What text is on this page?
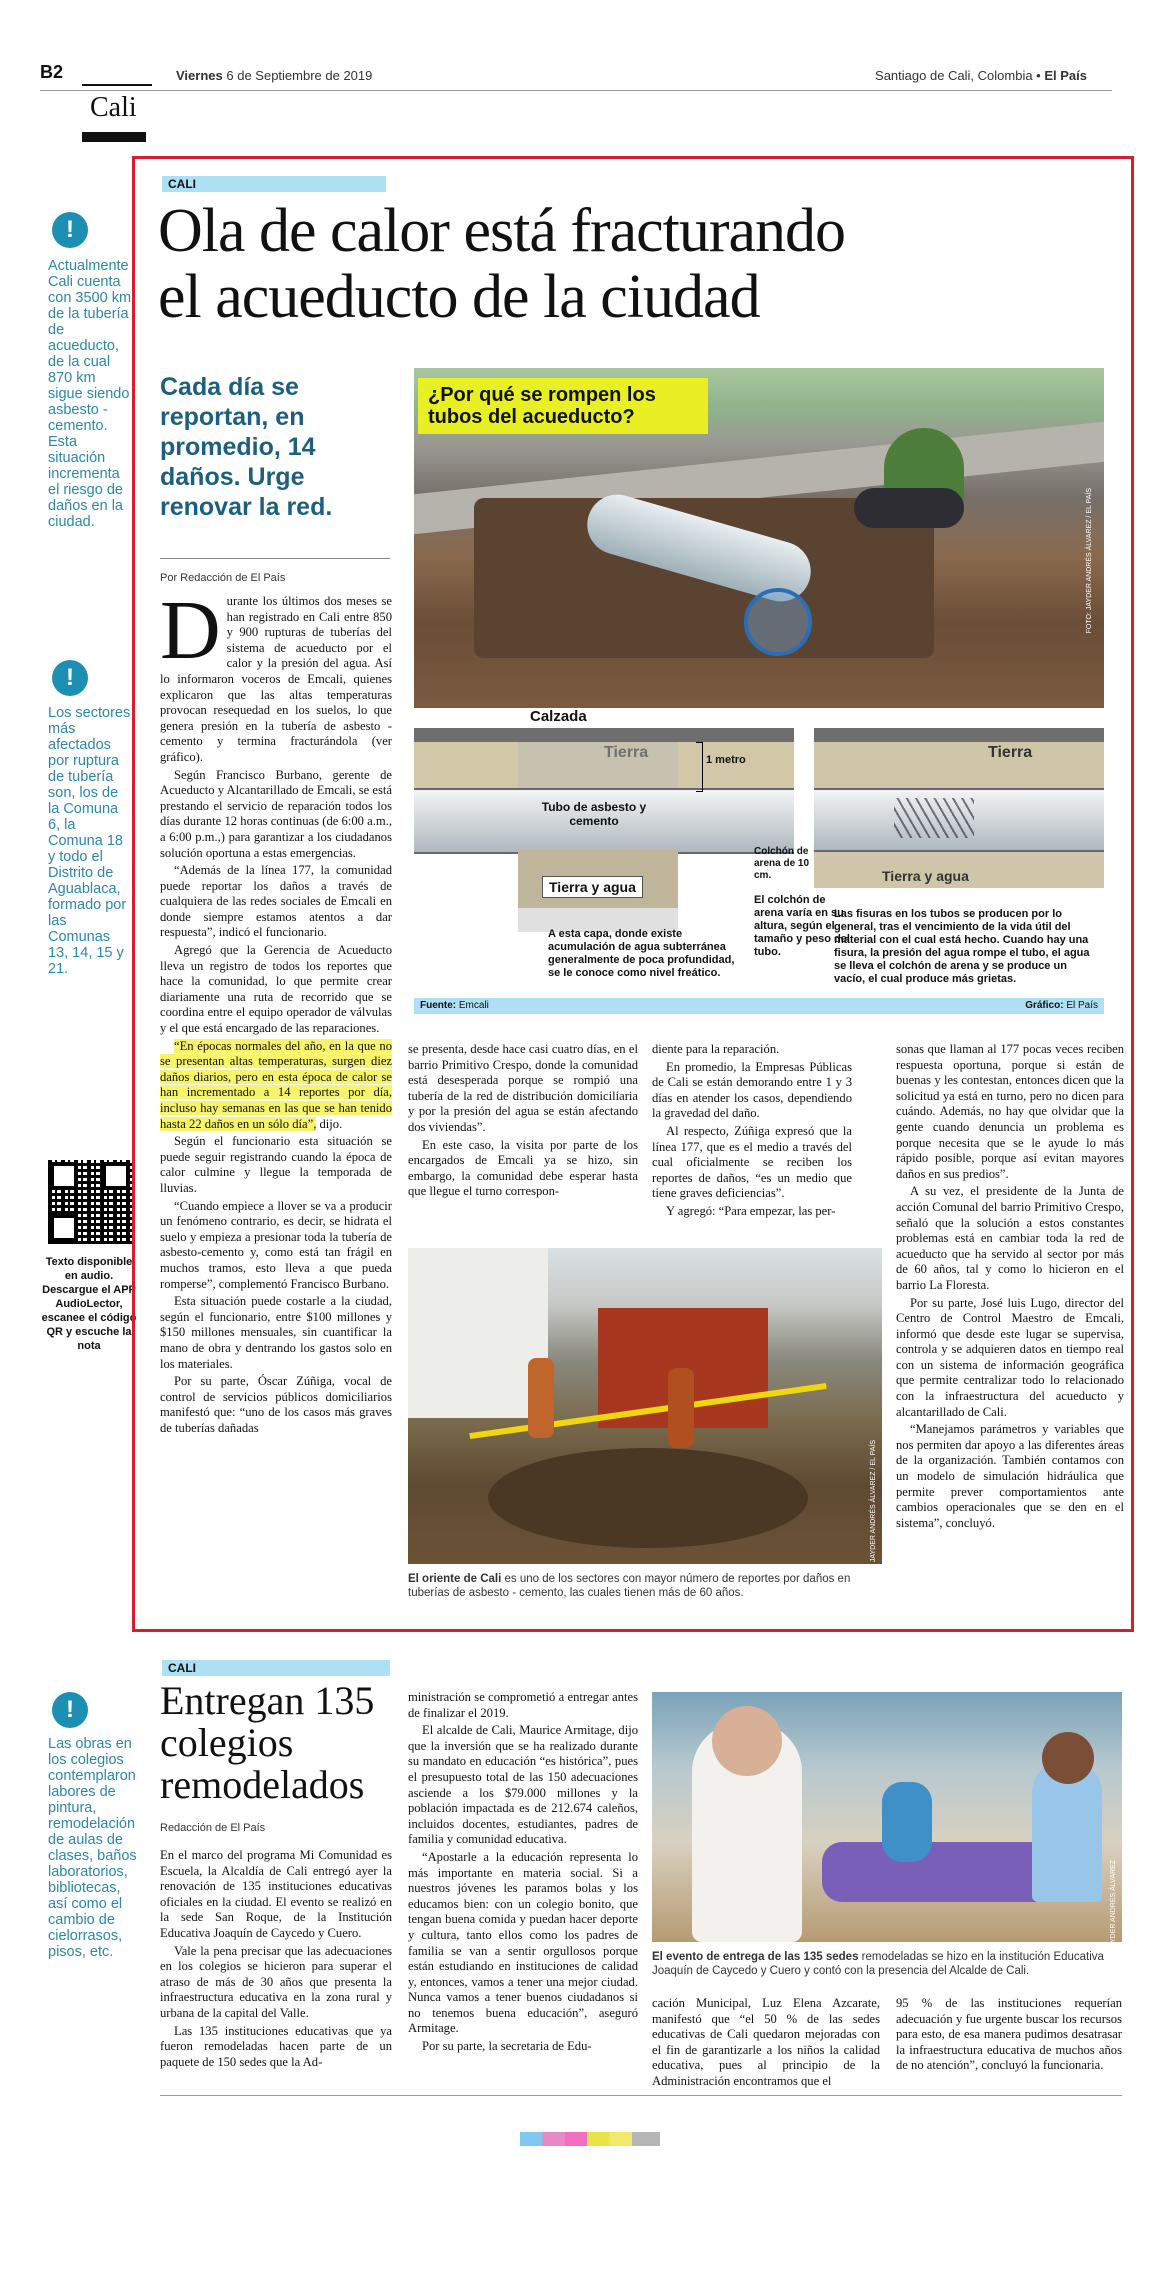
B2
Cali
Viernes 6 de Septiembre de 2019	Santiago de Cali, Colombia • El País
!
Actualmente Cali cuenta con 3500 km de la tubería de acueducto, de la cual 870 km sigue siendo asbesto - cemento. Esta situación incrementa el riesgo de daños en la ciudad.
!
Los sectores más afectados por ruptura de tubería son, los de la Comuna 6, la Comuna 18 y todo el Distrito de Aguablaca, formado por las Comunas 13, 14, 15 y 21.
Texto disponible en audio. Descargue el APP AudioLector, escanee el código QR y escuche la nota
!
Las obras en los colegios contemplaron labores de pintura, remodelación de aulas de clases, baños laboratorios, bibliotecas, así como el cambio de cielorrasos, pisos, etc.
CALI
Ola de calor está fracturando
el acueducto de la ciudad
Cada día se reportan, en promedio, 14 daños. Urge renovar la red.
Por Redacción de El País

Durante los últimos dos meses se han registrado en Cali entre 850 y 900 rupturas de tuberías del sistema de acueducto por el calor y la presión del agua. Así lo informaron voceros de Emcali, quienes explicaron que las altas temperaturas provocan resequedad en los suelos, lo que genera presión en la tubería de asbesto - cemento y termina fracturándola (ver gráfico).

Según Francisco Burbano, gerente de Acueducto y Alcantarillado de Emcali, se está prestando el servicio de reparación todos los días durante 12 horas continuas (de 6:00 a.m., a 6:00 p.m.,) para garantizar a los ciudadanos solución oportuna a estas emergencias.

“Además de la línea 177, la comunidad puede reportar los daños a través de cualquiera de las redes sociales de Emcali en donde siempre estamos atentos a dar respuesta”, indicó el funcionario.

Agregó que la Gerencia de Acueducto lleva un registro de todos los reportes que hace la comunidad, lo que permite crear diariamente una ruta de recorrido que se coordina entre el equipo operador de válvulas y el que está encargado de las reparaciones.

“En épocas normales del año, en la que no se presentan altas temperaturas, surgen diez daños diarios, pero en esta época de calor se han incrementado a 14 reportes por día, incluso hay semanas en las que se han tenido hasta 22 daños en un sólo día”, dijo.

Según el funcionario esta situación se puede seguir registrando cuando la época de calor culmine y llegue la temporada de lluvias.

“Cuando empiece a llover se va a producir un fenómeno contrario, es decir, se hidrata el suelo y empieza a presionar toda la tubería de asbesto-cemento y, como está tan frágil en muchos tramos, esto lleva a que pueda romperse”, complementó Francisco Burbano.

Esta situación puede costarle a la ciudad, según el funcionario, entre $100 millones y $150 millones mensuales, sin cuantificar la mano de obra y dentrando los gastos solo en los materiales.

Por su parte, Óscar Zúñiga, vocal de control de servicios públicos domiciliarios manifestó que: “uno de los casos más graves de tuberías dañadas

¿Por qué se rompen los tubos del acueducto?
FOTO: JAYDER ANDRÉS ÁLVAREZ / EL PAÍS
Calzada
Tierra
Tubo de asbesto y cemento
Tierra y agua
1 metro
Colchón de arena de 10 cm.
A esta capa, donde existe acumulación de agua subterránea generalmente de poca profundidad, se le conoce como nivel freático.
El colchón de arena varía en su altura, según el tamaño y peso del tubo.
Tierra
Tierra y agua
Las fisuras en los tubos se producen por lo general, tras el vencimiento de la vida útil del material con el cual está hecho. Cuando hay una fisura, la presión del agua rompe el tubo, el agua se lleva el colchón de arena y se produce un vacío, el cual produce más grietas.
Fuente: Emcali	Gráfico: El País

se presenta, desde hace casi cuatro días, en el barrio Primitivo Crespo, donde la comunidad está desesperada porque se rompió una tubería de la red de distribución domiciliaria y por la presión del agua se están afectando dos viviendas”.

En este caso, la visita por parte de los encargados de Emcali ya se hizo, sin embargo, la comunidad debe esperar hasta que llegue el turno correspon-

diente para la reparación.

En promedio, la Empresas Públicas de Cali se están demorando entre 1 y 3 días en atender los casos, dependiendo la gravedad del daño.

Al respecto, Zúñiga expresó que la línea 177, que es el medio a través del cual oficialmente se reciben los reportes de daños, “es un medio que tiene graves deficiencias”.

Y agregó: “Para empezar, las per-

FOTO: JAYDER ANDRÉS ÁLVAREZ / EL PAÍS
El oriente de Cali es uno de los sectores con mayor número de reportes por daños en tuberías de asbesto - cemento, las cuales tienen más de 60 años.

sonas que llaman al 177 pocas veces reciben respuesta oportuna, porque si están de buenas y les contestan, entonces dicen que la solicitud ya está en turno, pero no dicen para cuándo. Además, no hay que olvidar que la gente cuando denuncia un problema es porque necesita que se le ayude lo más rápido posible, porque así evitan mayores daños en sus predios”.

A su vez, el presidente de la Junta de acción Comunal del barrio Primitivo Crespo, señaló que la solución a estos constantes problemas está en cambiar toda la red de acueducto que ha servido al sector por más de 60 años, tal y como lo hicieron en el barrio La Floresta.

Por su parte, José luis Lugo, director del Centro de Control Maestro de Emcali, informó que desde este lugar se supervisa, controla y se adquieren datos en tiempo real con un sistema de información geográfica que permite centralizar todo lo relacionado con la infraestructura del acueducto y alcantarillado de Cali.

“Manejamos parámetros y variables que nos permiten dar apoyo a las diferentes áreas de la organización. También contamos con un modelo de simulación hidráulica que permite prever comportamientos ante cambios operacionales que se den en el sistema”, concluyó.

CALI
Entregan 135 colegios remodelados
Redacción de El País

En el marco del programa Mi Comunidad es Escuela, la Alcaldía de Cali entregó ayer la renovación de 135 instituciones educativas oficiales en la ciudad. El evento se realizó en la sede San Roque, de la Institución Educativa Joaquín de Caycedo y Cuero.

Vale la pena precisar que las adecuaciones en los colegios se hicieron para superar el atraso de más de 30 años que presenta la infraestructura educativa en la zona rural y urbana de la capital del Valle.

Las 135 instituciones educativas que ya fueron remodeladas hacen parte de un paquete de 150 sedes que la Ad-

ministración se comprometió a entregar antes de finalizar el 2019.

El alcalde de Cali, Maurice Armitage, dijo que la inversión que se ha realizado durante su mandato en educación “es histórica”, pues el presupuesto total de las 150 adecuaciones asciende a los $79.000 millones y la población impactada es de 212.674 caleños, incluidos docentes, estudiantes, padres de familia y comunidad educativa.

“Apostarle a la educación representa lo más importante en materia social. Si a nuestros jóvenes les paramos bolas y los educamos bien: con un colegio bonito, que tengan buena comida y puedan hacer deporte y cultura, tanto ellos como los padres de familia se van a sentir orgullosos porque están estudiando en instituciones de calidad y, entonces, vamos a tener una mejor ciudad. Nunca vamos a tener buenos ciudadanos si no tenemos buena educación”, aseguró Armitage.

Por su parte, la secretaria de Edu-

FOTO: JAYDER ANDRÉS ÁLVAREZ
El evento de entrega de las 135 sedes remodeladas se hizo en la institución Educativa Joaquín de Caycedo y Cuero y contó con la presencia del Alcalde de Cali.

cación Municipal, Luz Elena Azcarate, manifestó que “el 50 % de las sedes educativas de Cali quedaron mejoradas con el fin de garantizarle a los niños la calidad educativa, pues al principio de la Administración encontramos que el

95 % de las instituciones requerían adecuación y fue urgente buscar los recursos para esto, de esa manera pudimos desatrasar la infraestructura educativa de muchos años de no atención”, concluyó la funcionaria.
